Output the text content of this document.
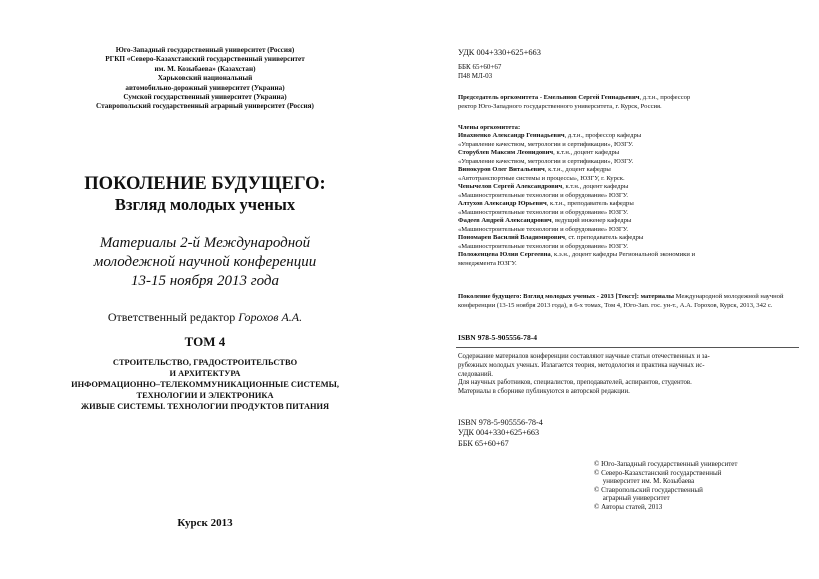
Юго-Западный государственный университет (Россия)
РГКП «Северо-Казахстанский государственный университет
им. М. Козыбаева» (Казахстан)
Харьковский национальный
автомобильно-дорожный университет (Украина)
Сумской государственный университет (Украина)
Ставропольский государственный аграрный университет (Россия)
ПОКОЛЕНИЕ БУДУЩЕГО:
Взгляд молодых ученых
Материалы 2-й Международной
молодежной научной конференции
13-15 ноября 2013 года
Ответственный редактор Горохов А.А.
ТОМ 4
СТРОИТЕЛЬСТВО, ГРАДОСТРОИТЕЛЬСТВО
И АРХИТЕКТУРА
ИНФОРМАЦИОННО–ТЕЛЕКОММУНИКАЦИОННЫЕ СИСТЕМЫ,
ТЕХНОЛОГИИ И ЭЛЕКТРОНИКА
ЖИВЫЕ СИСТЕМЫ. ТЕХНОЛОГИИ ПРОДУКТОВ ПИТАНИЯ
Курск 2013
УДК 004+330+625+663
ББК 65+60+67
П48 МЛ-03
Председатель оргкомитета - Емельянов Сергей Геннадьевич, д.т.н., профессор
ректор Юго-Западного государственного университета, г. Курск, Россия.
Члены оргкомитета:
Ивахненко Александр Геннадьевич, д.т.н., профессор кафедры
«Управление качеством, метрологии и сертификации», ЮЗГУ.
Сторублев Максим Леонидович, к.т.н., доцент кафедры
«Управление качеством, метрологии и сертификации», ЮЗГУ.
Винокуров Олег Витальевич, к.т.н., доцент кафедры
«Автотранспортные системы и процессы», ЮЗГУ, г. Курск.
Чевычелов Сергей Александрович, к.т.н., доцент кафедры
«Машиностроительные технологии и оборудование» ЮЗГУ.
Алтухов Александр Юрьевич, к.т.н., преподаватель кафедры
«Машиностроительные технологии и оборудование» ЮЗГУ.
Фадеев Андрей Александрович, ведущий инженер кафедры
«Машиностроительные технологии и оборудование» ЮЗГУ.
Пономарев Василий Владимирович, ст. преподаватель кафедры
«Машиностроительные технологии и оборудование» ЮЗГУ.
Положенцева Юлия Сергеевна, к.э.н., доцент кафедры Региональной экономики и
менеджмента ЮЗГУ.
Поколение будущего: Взгляд молодых ученых - 2013 [Текст]: материалы Международной молодежной научной конференции (13-15 ноября 2013 года), в 6-х томах, Том 4, Юго-Зап. гос. ун-т., А.А. Горохов, Курск, 2013, 342 с.
ISBN 978-5-905556-78-4
Содержание материалов конференции составляют научные статьи отечественных и за-
рубежных молодых ученых. Излагается теория, методология и практика научных ис-
следований.
Для научных работников, специалистов, преподавателей, аспирантов, студентов.
Материалы в сборнике публикуются в авторской редакции.
ISBN 978-5-905556-78-4
УДК 004+330+625+663
ББК 65+60+67
© Юго-Западный государственный университет
© Северо-Казахстанский государственный
университет им. М. Козыбаева
© Ставропольский государственный
аграрный университет
© Авторы статей, 2013
